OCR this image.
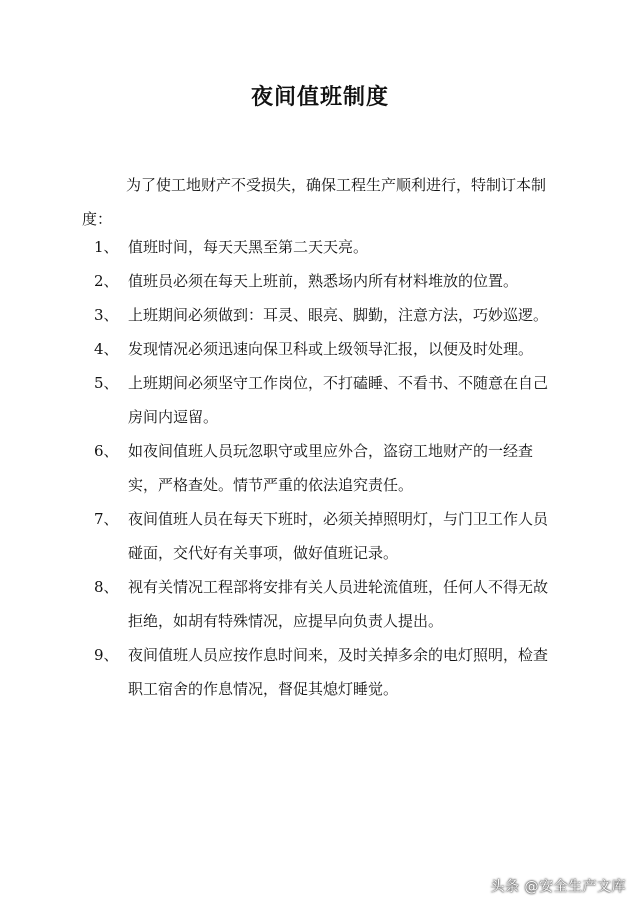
夜间值班制度
为了使工地财产不受损失，确保工程生产顺利进行，特制订本制度：
1、 值班时间，每天天黑至第二天天亮。
2、 值班员必须在每天上班前，熟悉场内所有材料堆放的位置。
3、 上班期间必须做到：耳灵、眼亮、脚勤，注意方法，巧妙巡逻。
4、 发现情况必须迅速向保卫科或上级领导汇报，以便及时处理。
5、 上班期间必须坚守工作岗位，不打磕睡、不看书、不随意在自己房间内逗留。
6、 如夜间值班人员玩忽职守或里应外合，盗窃工地财产的一经查实，严格查处。情节严重的依法追究责任。
7、 夜间值班人员在每天下班时，必须关掉照明灯，与门卫工作人员碰面，交代好有关事项，做好值班记录。
8、 视有关情况工程部将安排有关人员进轮流值班，任何人不得无故拒绝，如胡有特殊情况，应提早向负责人提出。
9、 夜间值班人员应按作息时间来，及时关掉多余的电灯照明，检查职工宿舍的作息情况，督促其熄灯睡觉。
头条 @安全生产文库
